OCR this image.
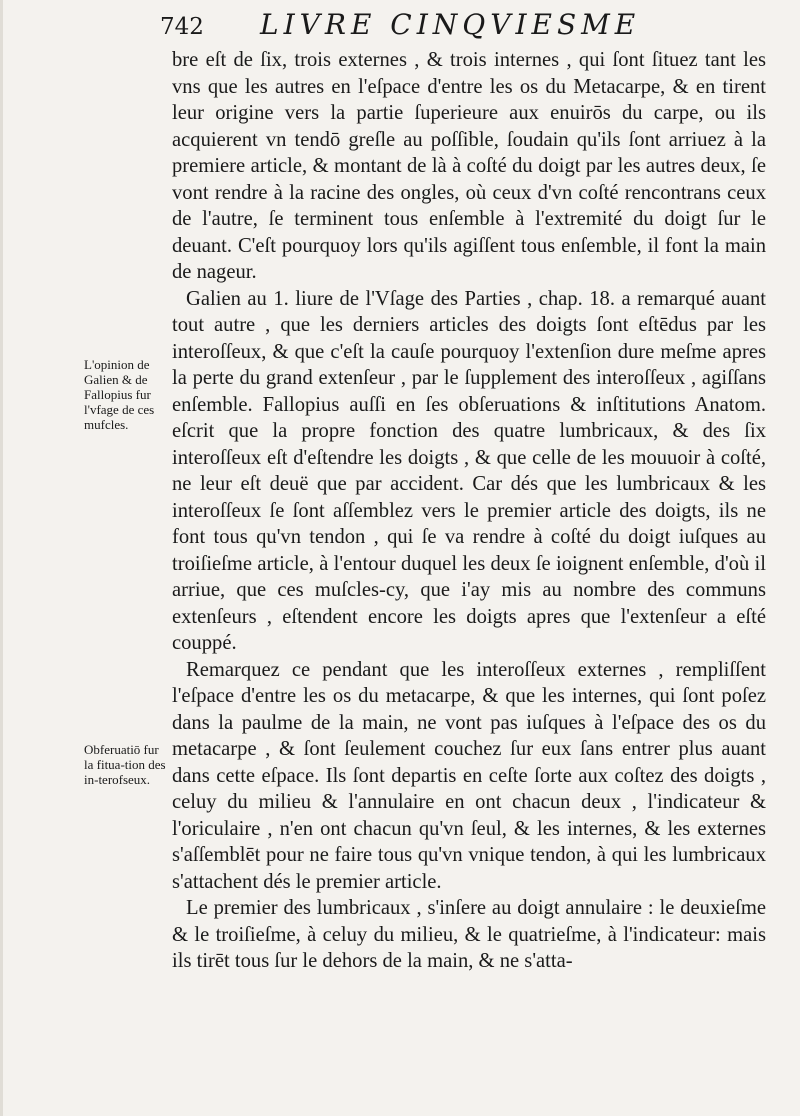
742 LIVRE CINQVIESME
L'opinion de Galien & de Fallopius fur l'vfage de ces mufcles.
Obferuatiō fur la fitua-tion des in-terofseux.

bre eſt de ſix, trois externes , & trois internes , qui ſont ſituez tant les vns que les autres en l'eſpace d'entre les os du Metacarpe, & en tirent leur origine vers la partie ſuperieure aux enuirōs du carpe, ou ils acquierent vn tendō greſle au poſſible, ſoudain qu'ils ſont arriuez à la premiere article, & montant de là à coſté du doigt par les autres deux, ſe vont rendre à la racine des ongles, où ceux d'vn coſté rencontrans ceux de l'autre, ſe terminent tous enſemble à l'extremité du doigt ſur le deuant. C'eſt pourquoy lors qu'ils agiſſent tous enſemble, il font la main de nageur.

Galien au 1. liure de l'Vſage des Parties , chap. 18. a remarqué auant tout autre , que les derniers articles des doigts ſont eſtēdus par les interoſſeux, & que c'eſt la cauſe pourquoy l'extenſion dure meſme apres la perte du grand extenſeur , par le ſupplement des interoſſeux , agiſſans enſemble. Fallopius auſſi en ſes obſeruations & inſtitutions Anatom. eſcrit que la propre fonction des quatre lumbricaux, & des ſix interoſſeux eſt d'eſtendre les doigts , & que celle de les mouuoir à coſté, ne leur eſt deuë que par accident. Car dés que les lumbricaux & les interoſſeux ſe ſont aſſemblez vers le premier article des doigts, ils ne font tous qu'vn tendon , qui ſe va rendre à coſté du doigt iuſques au troiſieſme article, à l'entour duquel les deux ſe ioignent enſemble, d'où il arriue, que ces muſcles-cy, que i'ay mis au nombre des communs extenſeurs , eſtendent encore les doigts apres que l'extenſeur a eſté couppé.

Remarquez ce pendant que les interoſſeux externes , rempliſſent l'eſpace d'entre les os du metacarpe, & que les internes, qui ſont poſez dans la paulme de la main, ne vont pas iuſques à l'eſpace des os du metacarpe , & ſont ſeulement couchez ſur eux ſans entrer plus auant dans cette eſpace. Ils ſont departis en ceſte ſorte aux coſtez des doigts , celuy du milieu & l'annulaire en ont chacun deux , l'indicateur & l'oriculaire , n'en ont chacun qu'vn ſeul, & les internes, & les externes s'aſſemblēt pour ne faire tous qu'vn vnique tendon, à qui les lumbricaux s'attachent dés le premier article.

Le premier des lumbricaux , s'inſere au doigt annulaire : le deuxieſme & le troiſieſme, à celuy du milieu, & le quatrieſme, à l'indicateur: mais ils tirēt tous ſur le dehors de la main, & ne s'atta-
